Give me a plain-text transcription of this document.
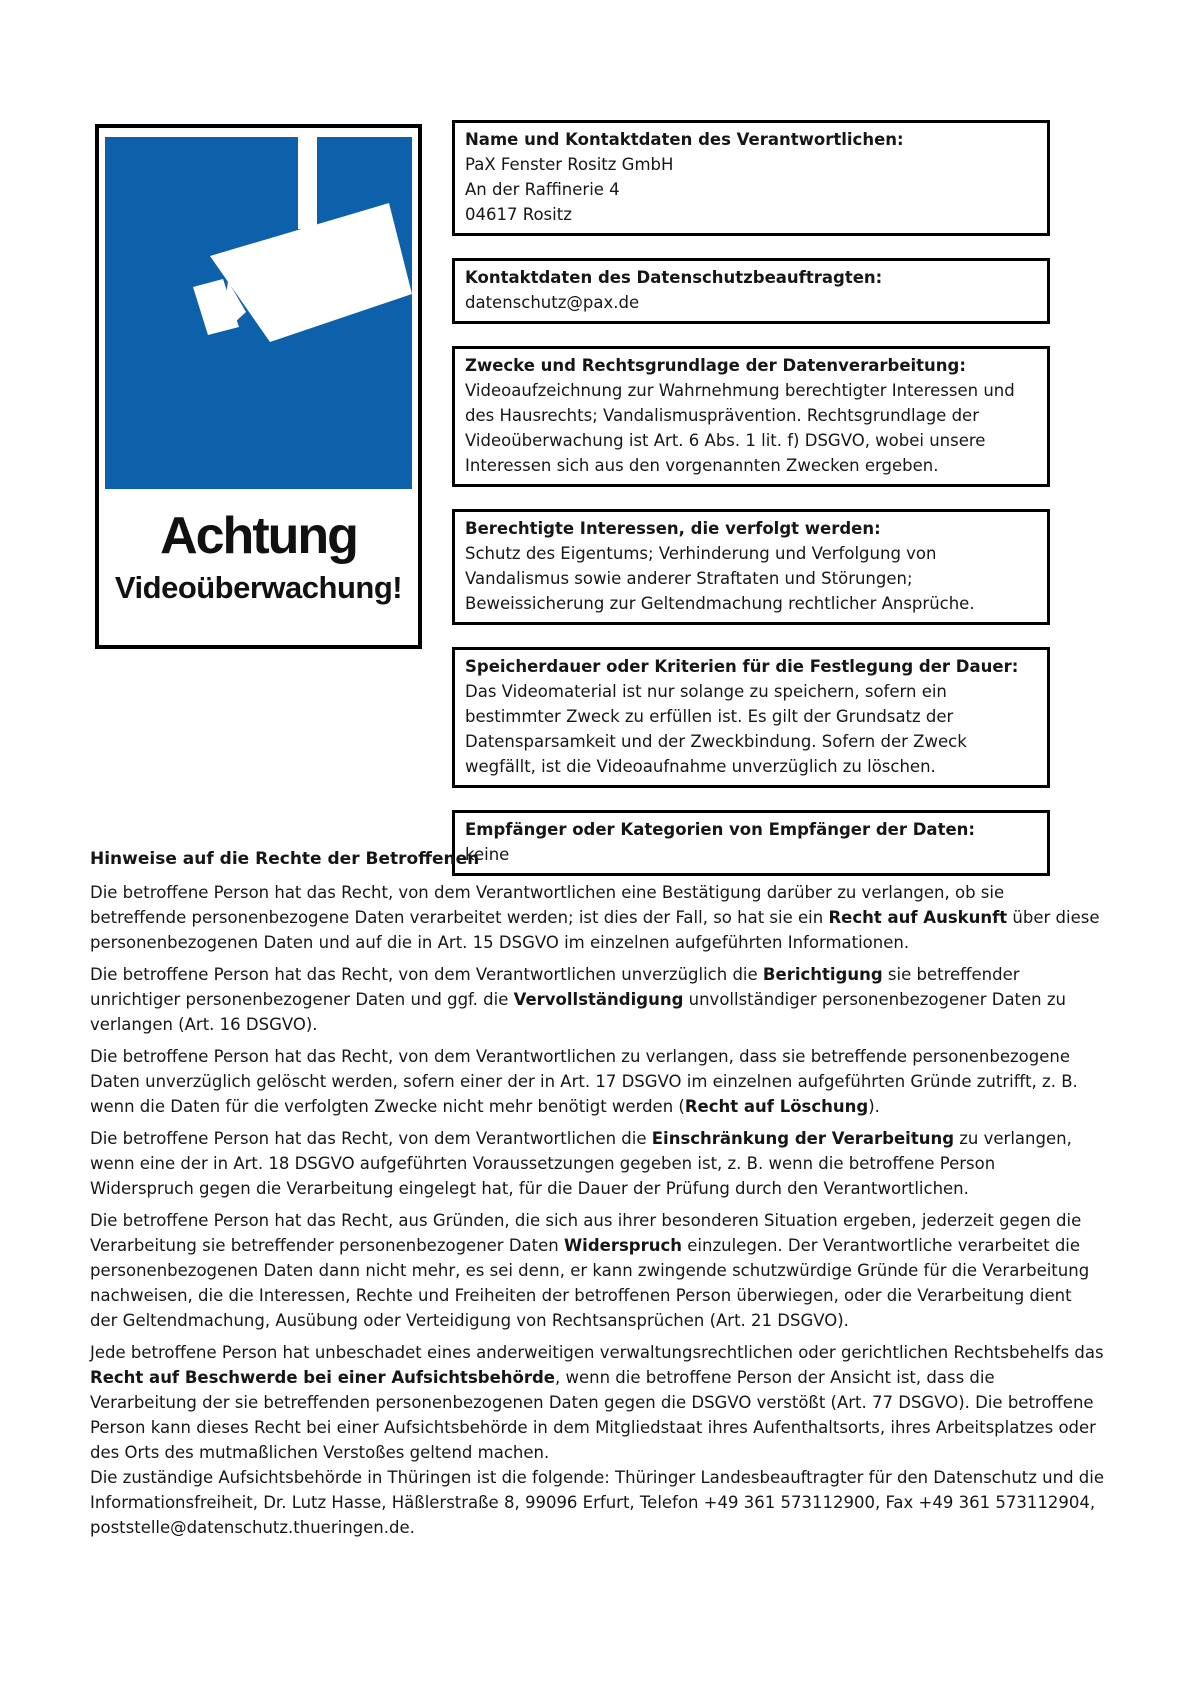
Achtung
Videoüberwachung!
Name und Kontaktdaten des Verantwortlichen:
PaX Fenster Rositz GmbH
An der Raffinerie 4
04617 Rositz
Kontaktdaten des Datenschutzbeauftragten:
datenschutz@pax.de
Zwecke und Rechtsgrundlage der Datenverarbeitung:
Videoaufzeichnung zur Wahrnehmung berechtigter Interessen und des Hausrechts; Vandalismusprävention. Rechtsgrundlage der Videoüberwachung ist Art. 6 Abs. 1 lit. f) DSGVO, wobei unsere Interessen sich aus den vorgenannten Zwecken ergeben.
Berechtigte Interessen, die verfolgt werden:
Schutz des Eigentums; Verhinderung und Verfolgung von Vandalismus sowie anderer Straftaten und Störungen; Beweissicherung zur Geltendmachung rechtlicher Ansprüche.
Speicherdauer oder Kriterien für die Festlegung der Dauer:
Das Videomaterial ist nur solange zu speichern, sofern ein bestimmter Zweck zu erfüllen ist. Es gilt der Grundsatz der Datensparsamkeit und der Zweckbindung. Sofern der Zweck wegfällt, ist die Videoaufnahme unverzüglich zu löschen.
Empfänger oder Kategorien von Empfänger der Daten:
keine
Hinweise auf die Rechte der Betroffenen

Die betroffene Person hat das Recht, von dem Verantwortlichen eine Bestätigung darüber zu verlangen, ob sie betreffende personenbezogene Daten verarbeitet werden; ist dies der Fall, so hat sie ein Recht auf Auskunft über diese personenbezogenen Daten und auf die in Art. 15 DSGVO im einzelnen aufgeführten Informationen.

Die betroffene Person hat das Recht, von dem Verantwortlichen unverzüglich die Berichtigung sie betreffender unrichtiger personenbezogener Daten und ggf. die Vervollständigung unvollständiger personenbezogener Daten zu verlangen (Art. 16 DSGVO).

Die betroffene Person hat das Recht, von dem Verantwortlichen zu verlangen, dass sie betreffende personenbezogene Daten unverzüglich gelöscht werden, sofern einer der in Art. 17 DSGVO im einzelnen aufgeführten Gründe zutrifft, z. B. wenn die Daten für die verfolgten Zwecke nicht mehr benötigt werden (Recht auf Löschung).

Die betroffene Person hat das Recht, von dem Verantwortlichen die Einschränkung der Verarbeitung zu verlangen, wenn eine der in Art. 18 DSGVO aufgeführten Voraussetzungen gegeben ist, z. B. wenn die betroffene Person Widerspruch gegen die Verarbeitung eingelegt hat, für die Dauer der Prüfung durch den Verantwortlichen.

Die betroffene Person hat das Recht, aus Gründen, die sich aus ihrer besonderen Situation ergeben, jederzeit gegen die Verarbeitung sie betreffender personenbezogener Daten Widerspruch einzulegen. Der Verantwortliche verarbeitet die personenbezogenen Daten dann nicht mehr, es sei denn, er kann zwingende schutzwürdige Gründe für die Verarbeitung nachweisen, die die Interessen, Rechte und Freiheiten der betroffenen Person überwiegen, oder die Verarbeitung dient der Geltendmachung, Ausübung oder Verteidigung von Rechtsansprüchen (Art. 21 DSGVO).

Jede betroffene Person hat unbeschadet eines anderweitigen verwaltungsrechtlichen oder gerichtlichen Rechtsbehelfs das Recht auf Beschwerde bei einer Aufsichtsbehörde, wenn die betroffene Person der Ansicht ist, dass die Verarbeitung der sie betreffenden personenbezogenen Daten gegen die DSGVO verstößt (Art. 77 DSGVO). Die betroffene Person kann dieses Recht bei einer Aufsichtsbehörde in dem Mitgliedstaat ihres Aufenthaltsorts, ihres Arbeitsplatzes oder des Orts des mutmaßlichen Verstoßes geltend machen.

Die zuständige Aufsichtsbehörde in Thüringen ist die folgende: Thüringer Landesbeauftragter für den Datenschutz und die Informationsfreiheit, Dr. Lutz Hasse, Häßlerstraße 8, 99096 Erfurt, Telefon +49 361 573112900, Fax +49 361 573112904, poststelle@datenschutz.thueringen.de.
